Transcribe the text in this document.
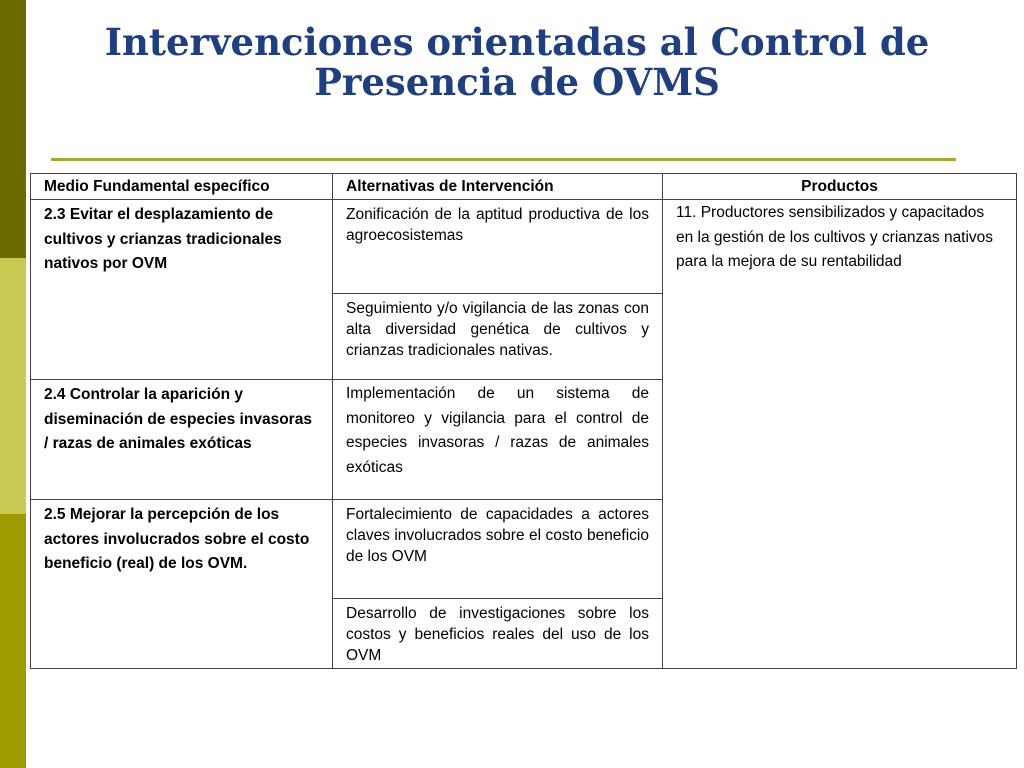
Intervenciones orientadas al Control de Presencia de OVMS
Medio Fundamental específico	Alternativas de Intervención	Productos
2.3 Evitar el desplazamiento de cultivos y crianzas tradicionales nativos por OVM	Zonificación de la aptitud productiva de los agroecosistemas	11. Productores sensibilizados y capacitados en la gestión de los cultivos y crianzas nativos para la mejora de su rentabilidad
	Seguimiento y/o vigilancia de las zonas con alta diversidad genética de cultivos y crianzas tradicionales nativas.	
2.4 Controlar la aparición y diseminación de especies invasoras / razas de animales exóticas	Implementación de un sistema de monitoreo y vigilancia para el control de especies invasoras / razas de animales exóticas	
2.5 Mejorar la percepción de los actores involucrados sobre el costo beneficio (real) de los OVM.	Fortalecimiento de capacidades a actores claves involucrados sobre el costo beneficio de los OVM	
	Desarrollo de investigaciones sobre los costos y beneficios reales del uso de los OVM	
